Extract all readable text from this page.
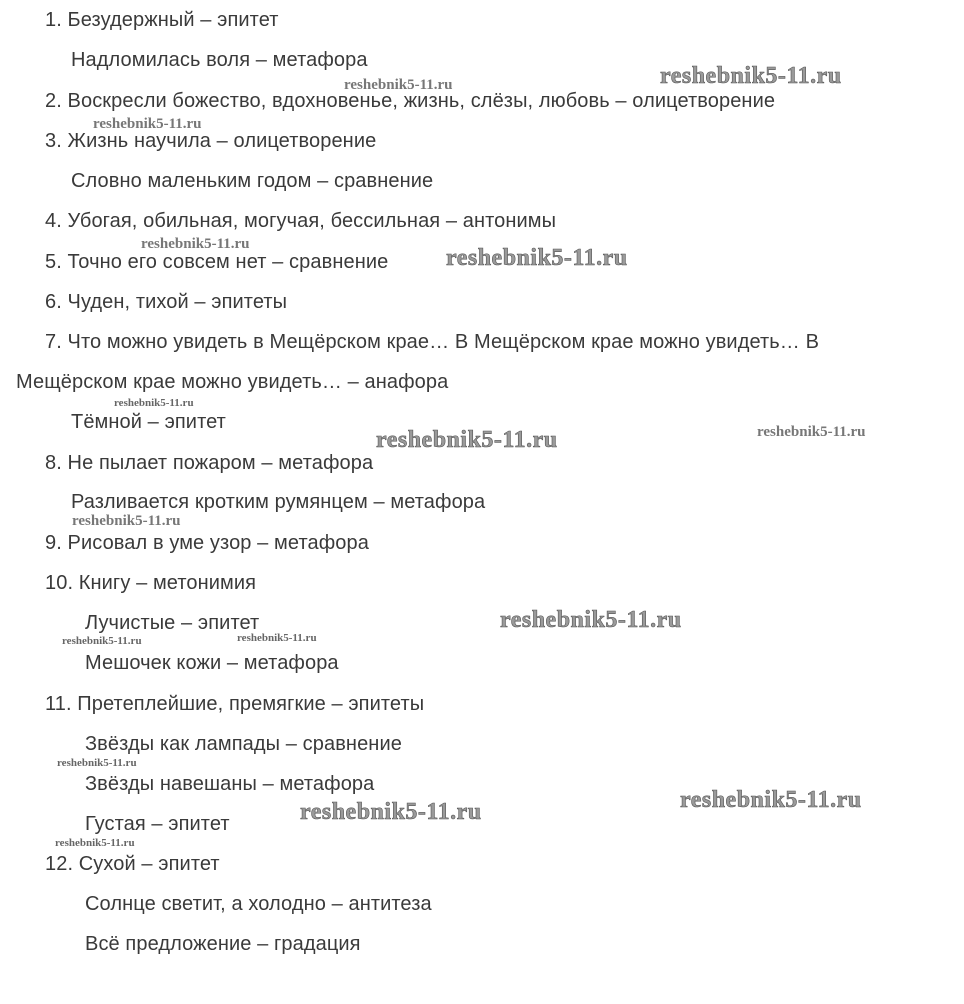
1. Безудержный – эпитет
Надломилась воля – метафора
2. Воскресли божество, вдохновенье, жизнь, слёзы, любовь – олицетворение
3. Жизнь научила – олицетворение
Словно маленьким годом – сравнение
4. Убогая, обильная, могучая, бессильная – антонимы
5. Точно его совсем нет – сравнение
6. Чуден, тихой – эпитеты
7. Что можно увидеть в Мещёрском крае… В Мещёрском крае можно увидеть… В
Мещёрском крае можно увидеть… – анафора
Тёмной – эпитет
8. Не пылает пожаром – метафора
Разливается кротким румянцем – метафора
9. Рисовал в уме узор – метафора
10. Книгу – метонимия
Лучистые – эпитет
Мешочек кожи – метафора
11. Претеплейшие, премягкие – эпитеты
Звёзды как лампады – сравнение
Звёзды навешаны – метафора
Густая – эпитет
12. Сухой – эпитет
Солнце светит, а холодно – антитеза
Всё предложение – градация
reshebnik5-11.ru
reshebnik5-11.ru
reshebnik5-11.ru
reshebnik5-11.ru
reshebnik5-11.ru
reshebnik5-11.ru
reshebnik5-11.ru	reshebnik5-11.ru
reshebnik5-11.ru
reshebnik5-11.ru
reshebnik5-11.ru	reshebnik5-11.ru
reshebnik5-11.ru
reshebnik5-11.ru
reshebnik5-11.ru
reshebnik5-11.ru
